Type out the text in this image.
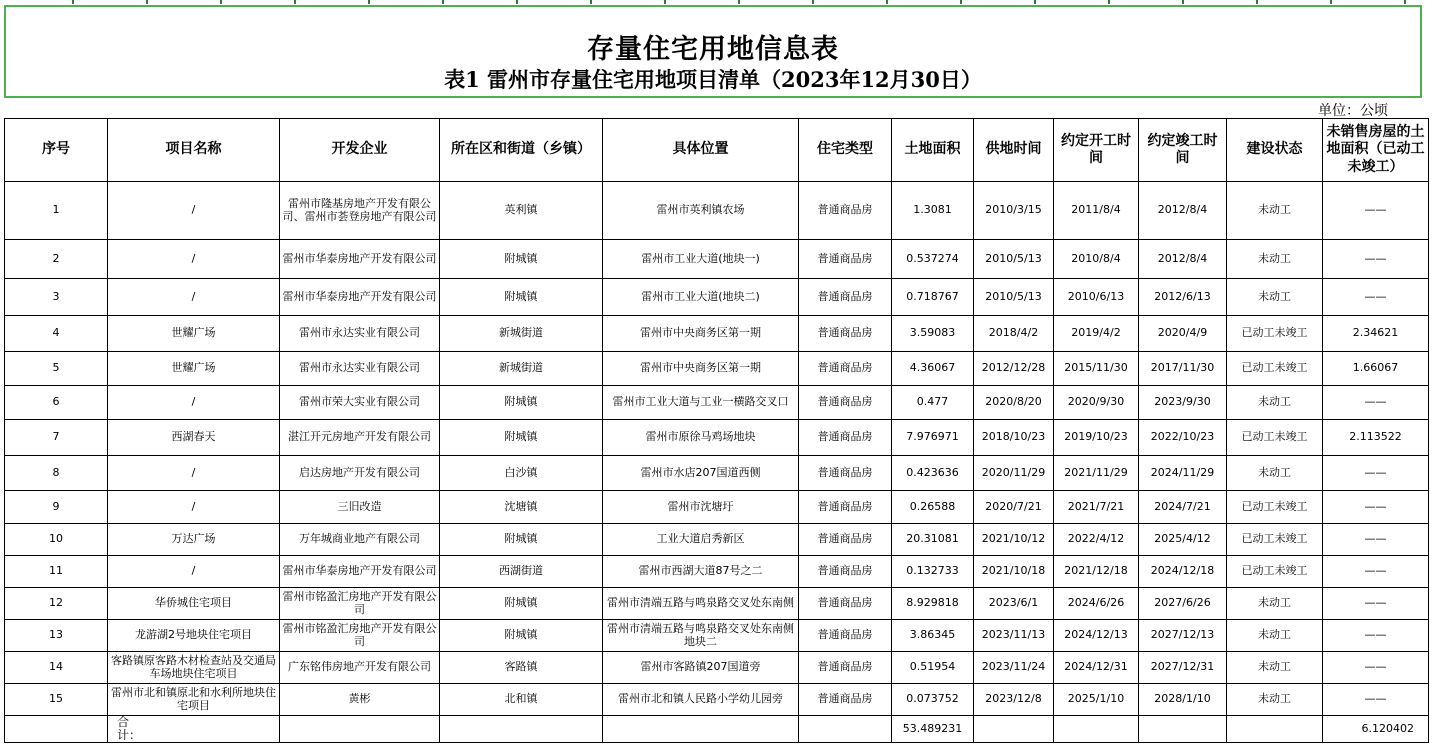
存量住宅用地信息表
表1 雷州市存量住宅用地项目清单（2023年12月30日）
单位：公顷
序号	项目名称	开发企业	所在区和街道（乡镇）	具体位置	住宅类型	土地面积	供地时间	约定开工时间	约定竣工时间	建设状态	未销售房屋的土地面积（已动工未竣工）
1	/	雷州市隆基房地产开发有限公司、雷州市荟登房地产有限公司	英利镇	雷州市英利镇农场	普通商品房	1.3081	2010/3/15	2011/8/4	2012/8/4	未动工	——
2	/	雷州市华泰房地产开发有限公司	附城镇	雷州市工业大道(地块一)	普通商品房	0.537274	2010/5/13	2010/8/4	2012/8/4	未动工	——
3	/	雷州市华泰房地产开发有限公司	附城镇	雷州市工业大道(地块二)	普通商品房	0.718767	2010/5/13	2010/6/13	2012/6/13	未动工	——
4	世耀广场	雷州市永达实业有限公司	新城街道	雷州市中央商务区第一期	普通商品房	3.59083	2018/4/2	2019/4/2	2020/4/9	已动工未竣工	2.34621
5	世耀广场	雷州市永达实业有限公司	新城街道	雷州市中央商务区第一期	普通商品房	4.36067	2012/12/28	2015/11/30	2017/11/30	已动工未竣工	1.66067
6	/	雷州市荣大实业有限公司	附城镇	雷州市工业大道与工业一横路交叉口	普通商品房	0.477	2020/8/20	2020/9/30	2023/9/30	未动工	——
7	西湖春天	湛江开元房地产开发有限公司	附城镇	雷州市原徐马鸡场地块	普通商品房	7.976971	2018/10/23	2019/10/23	2022/10/23	已动工未竣工	2.113522
8	/	启达房地产开发有限公司	白沙镇	雷州市水店207国道西侧	普通商品房	0.423636	2020/11/29	2021/11/29	2024/11/29	未动工	——
9	/	三旧改造	沈塘镇	雷州市沈塘圩	普通商品房	0.26588	2020/7/21	2021/7/21	2024/7/21	已动工未竣工	——
10	万达广场	万年城商业地产有限公司	附城镇	工业大道启秀新区	普通商品房	20.31081	2021/10/12	2022/4/12	2025/4/12	已动工未竣工	——
11	/	雷州市华泰房地产开发有限公司	西湖街道	雷州市西湖大道87号之二	普通商品房	0.132733	2021/10/18	2021/12/18	2024/12/18	已动工未竣工	——
12	华侨城住宅项目	雷州市铭盈汇房地产开发有限公司	附城镇	雷州市清端五路与鸣泉路交叉处东南侧	普通商品房	8.929818	2023/6/1	2024/6/26	2027/6/26	未动工	——
13	龙游湖2号地块住宅项目	雷州市铭盈汇房地产开发有限公司	附城镇	雷州市清端五路与鸣泉路交叉处东南侧地块二	普通商品房	3.86345	2023/11/13	2024/12/13	2027/12/13	未动工	——
14	客路镇原客路木材检查站及交通局车场地块住宅项目	广东铭伟房地产开发有限公司	客路镇	雷州市客路镇207国道旁	普通商品房	0.51954	2023/11/24	2024/12/31	2027/12/31	未动工	——
15	雷州市北和镇原北和水利所地块住宅项目	黄彬	北和镇	雷州市北和镇人民路小学幼儿园旁	普通商品房	0.073752	2023/12/8	2025/1/10	2028/1/10	未动工	——
合计：						53.489231					6.120402
